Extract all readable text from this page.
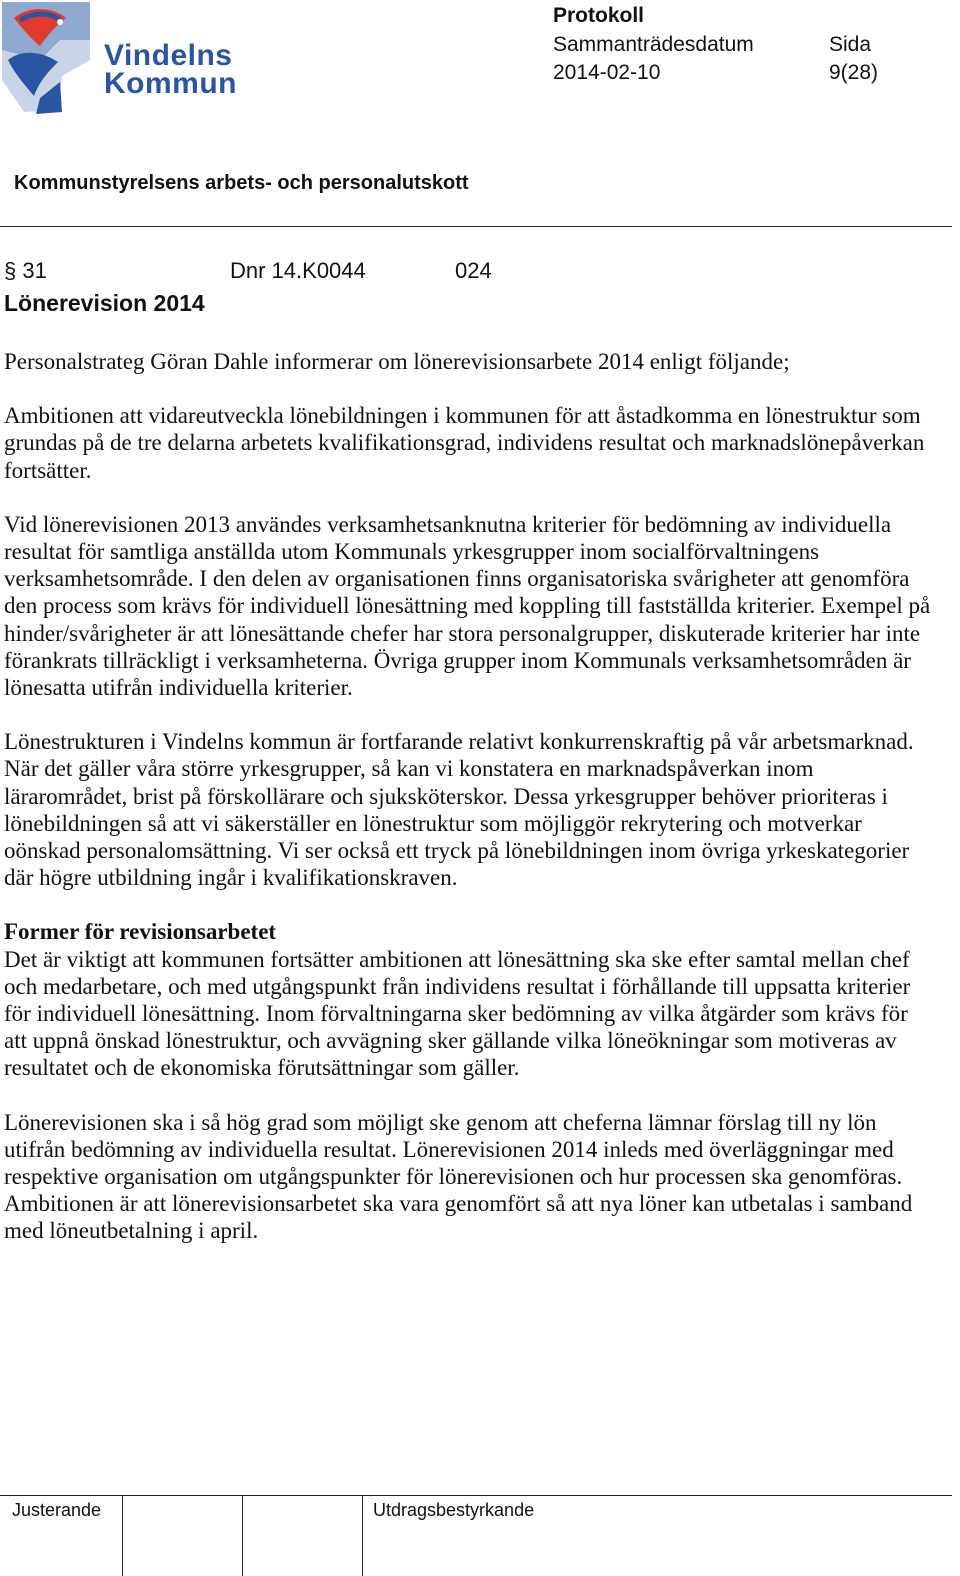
Vindelns
Kommun
Protokoll
Sammanträdesdatum
2014-02-10
Sida
9(28)
Kommunstyrelsens arbets- och personalutskott
§ 31	Dnr 14.K0044	024
Lönerevision 2014

Personalstrateg Göran Dahle informerar om lönerevisionsarbete 2014 enligt följande;

Ambitionen att vidareutveckla lönebildningen i kommunen för att åstadkomma en lönestruktur som grundas på de tre delarna arbetets kvalifikationsgrad, individens resultat och marknadslönepåverkan fortsätter.

Vid lönerevisionen 2013 användes verksamhetsanknutna kriterier för bedömning av individuella resultat för samtliga anställda utom Kommunals yrkesgrupper inom socialförvaltningens verksamhetsområde. I den delen av organisationen finns organisatoriska svårigheter att genomföra den process som krävs för individuell lönesättning med koppling till fastställda kriterier. Exempel på hinder/svårigheter är att lönesättande chefer har stora personalgrupper, diskuterade kriterier har inte förankrats tillräckligt i verksamheterna. Övriga grupper inom Kommunals verksamhetsområden är lönesatta utifrån individuella kriterier.

Lönestrukturen i Vindelns kommun är fortfarande relativt konkurrenskraftig på vår arbetsmarknad. När det gäller våra större yrkesgrupper, så kan vi konstatera en marknadspåverkan inom lärarområdet, brist på förskollärare och sjuksköterskor. Dessa yrkesgrupper behöver prioriteras i lönebildningen så att vi säkerställer en lönestruktur som möjliggör rekrytering och motverkar oönskad personalomsättning. Vi ser också ett tryck på lönebildningen inom övriga yrkeskategorier där högre utbildning ingår i kvalifikationskraven.

Former för revisionsarbetet

Det är viktigt att kommunen fortsätter ambitionen att lönesättning ska ske efter samtal mellan chef och medarbetare, och med utgångspunkt från individens resultat i förhållande till uppsatta kriterier för individuell lönesättning. Inom förvaltningarna sker bedömning av vilka åtgärder som krävs för att uppnå önskad lönestruktur, och avvägning sker gällande vilka löneökningar som motiveras av resultatet och de ekonomiska förutsättningar som gäller.

Lönerevisionen ska i så hög grad som möjligt ske genom att cheferna lämnar förslag till ny lön utifrån bedömning av individuella resultat. Lönerevisionen 2014 inleds med överläggningar med respektive organisation om utgångspunkter för lönerevisionen och hur processen ska genomföras. Ambitionen är att lönerevisionsarbetet ska vara genomfört så att nya löner kan utbetalas i samband med löneutbetalning i april.

Justerande	Utdragsbestyrkande
